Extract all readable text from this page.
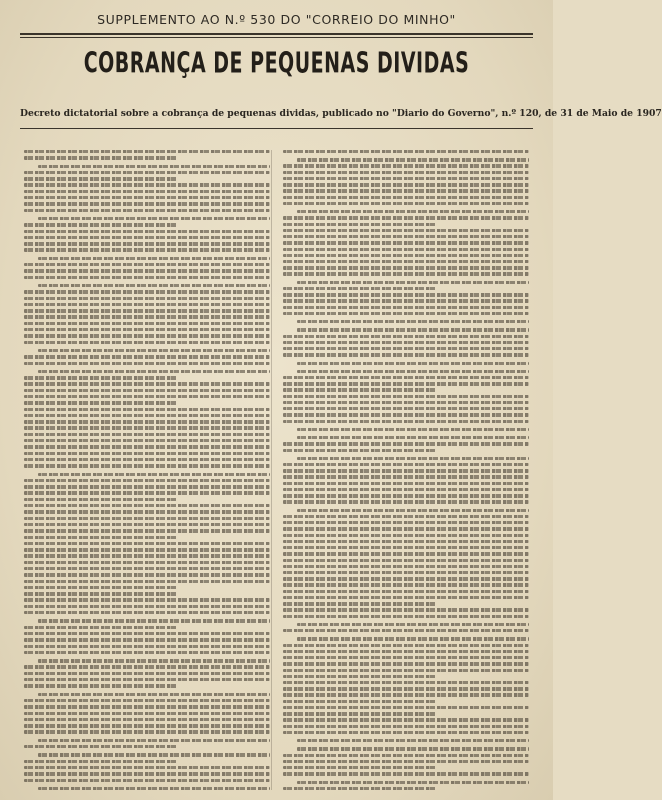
SUPPLEMENTO AO N.º 530 DO "CORREIO DO MINHO"
COBRANÇA DE PEQUENAS DIVIDAS
Decreto dictatorial sobre a cobrança de pequenas dividas, publicado no "Diario do Governo", n.º 120, de 31 de Maio de 1907
